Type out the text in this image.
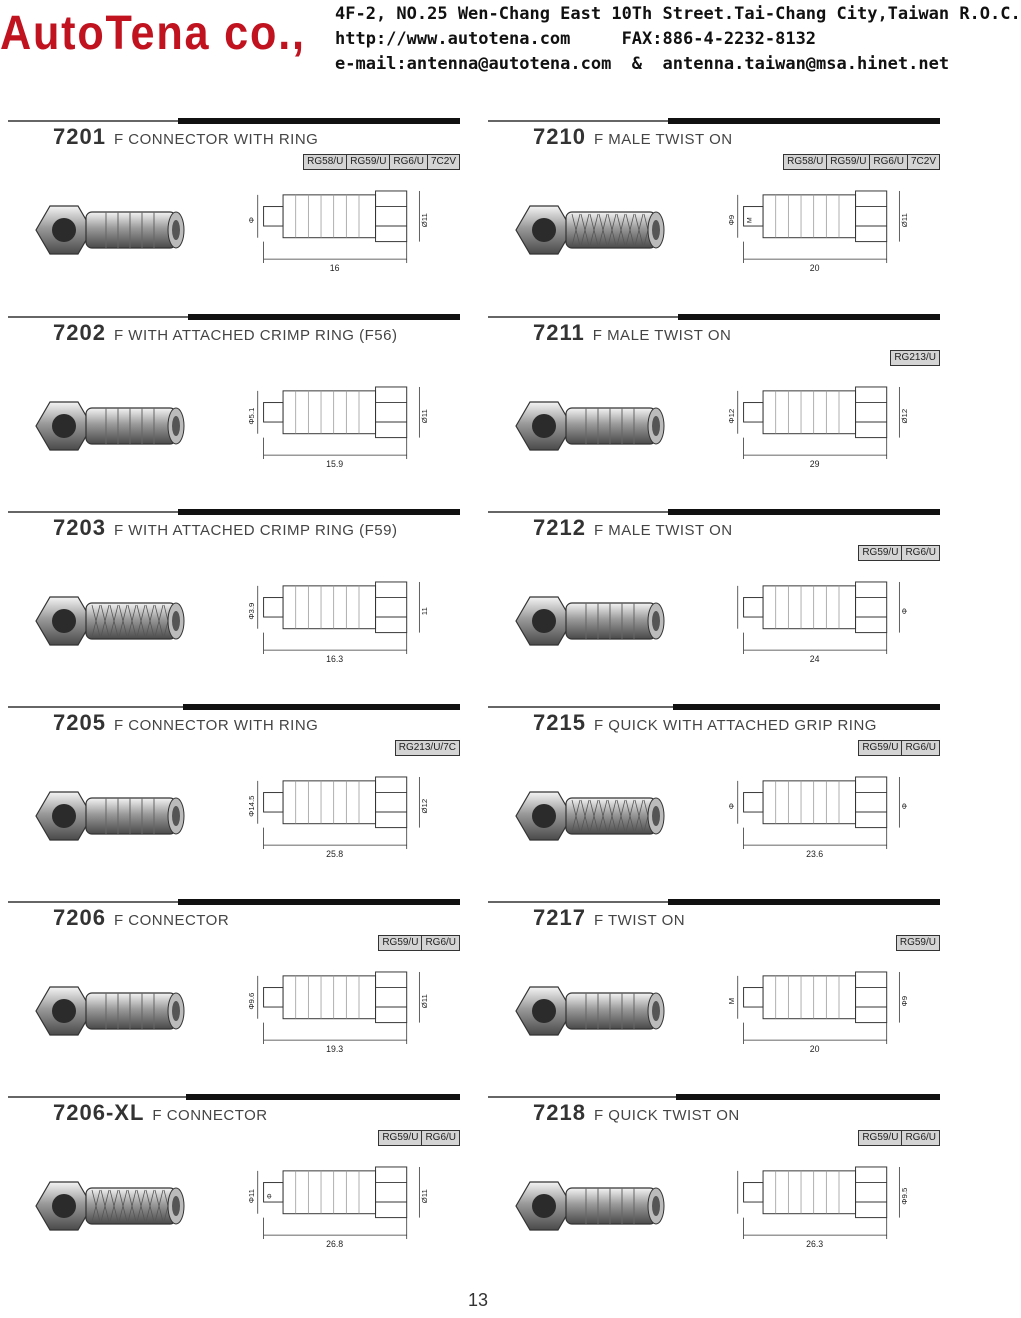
AutoTena co., 4F-2, NO.25 Wen-Chang East 10Th Street.Tai-Chang City,Taiwan R.O.C.
http://www.autotena.com     FAX:886-4-2232-8132
e-mail:antenna@autotena.com  &  antenna.taiwan@msa.hinet.net
7201 F CONNECTOR WITH RING
RG58/U RG59/U RG6/U 7C2V
16
Ø11
Φ
7210 F MALE TWIST ON
RG58/U RG59/U RG6/U 7C2V
20
Ø11
Φ9 M
7202 F WITH ATTACHED CRIMP RING (F56)
15.9
Ø11
Φ5.1
7211 F MALE TWIST ON
RG213/U
29
Ø12
Φ12
7203 F WITH ATTACHED CRIMP RING (F59)
16.3
11
Φ3.9
7212 F MALE TWIST ON
RG59/U RG6/U
24
Φ
7205 F CONNECTOR WITH RING
RG213/U/7C
25.8
Ø12
Φ14.5
7215 F QUICK WITH ATTACHED GRIP RING
RG59/U RG6/U
23.6
Φ
Φ
7206 F CONNECTOR
RG59/U RG6/U
19.3
Ø11
Φ9.6
7217 F TWIST ON
RG59/U
20
Φ9
M
7206-XL F CONNECTOR
RG59/U RG6/U
26.8
Ø11
Φ11 Φ
7218 F QUICK TWIST ON
RG59/U RG6/U
26.3
Φ9.5
13
